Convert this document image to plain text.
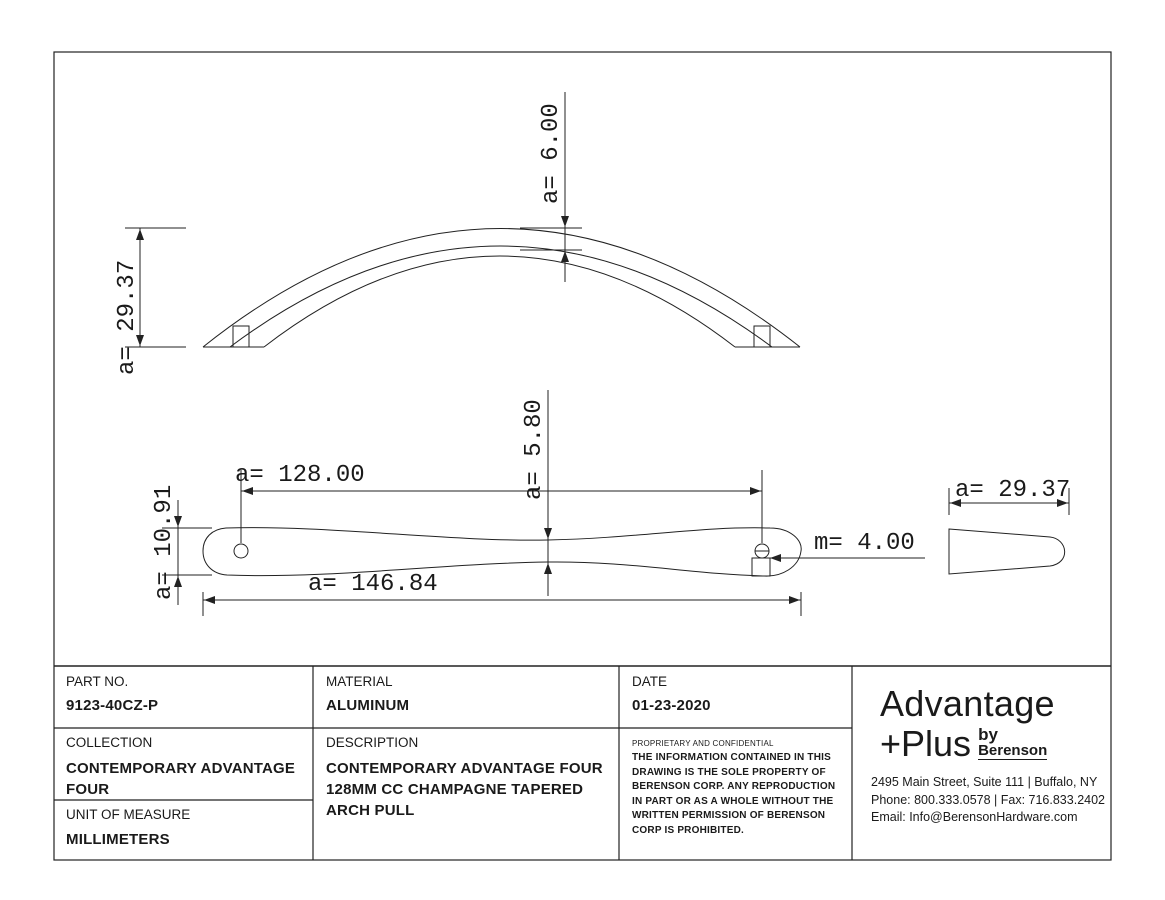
a= 29.37
a= 6.00
a= 128.00	a= 5.80
a= 10.91	a= 146.84
m= 4.00
a= 29.37
PART NO.
9123-40CZ-P
MATERIAL
ALUMINUM
DATE
01-23-2020
COLLECTION
CONTEMPORARY ADVANTAGE
FOUR
UNIT OF MEASURE
MILLIMETERS
DESCRIPTION
CONTEMPORARY ADVANTAGE FOUR
128MM CC CHAMPAGNE TAPERED
ARCH PULL
PROPRIETARY AND CONFIDENTIAL
THE INFORMATION CONTAINED IN THIS
DRAWING IS THE SOLE PROPERTY OF
BERENSON CORP. ANY REPRODUCTION
IN PART OR AS A WHOLE WITHOUT THE
WRITTEN PERMISSION OF BERENSON
CORP IS PROHIBITED.
Advantage
+Plus by
Berenson
2495 Main Street, Suite 111 | Buffalo, NY
Phone: 800.333.0578 | Fax: 716.833.2402
Email: Info@BerensonHardware.com
